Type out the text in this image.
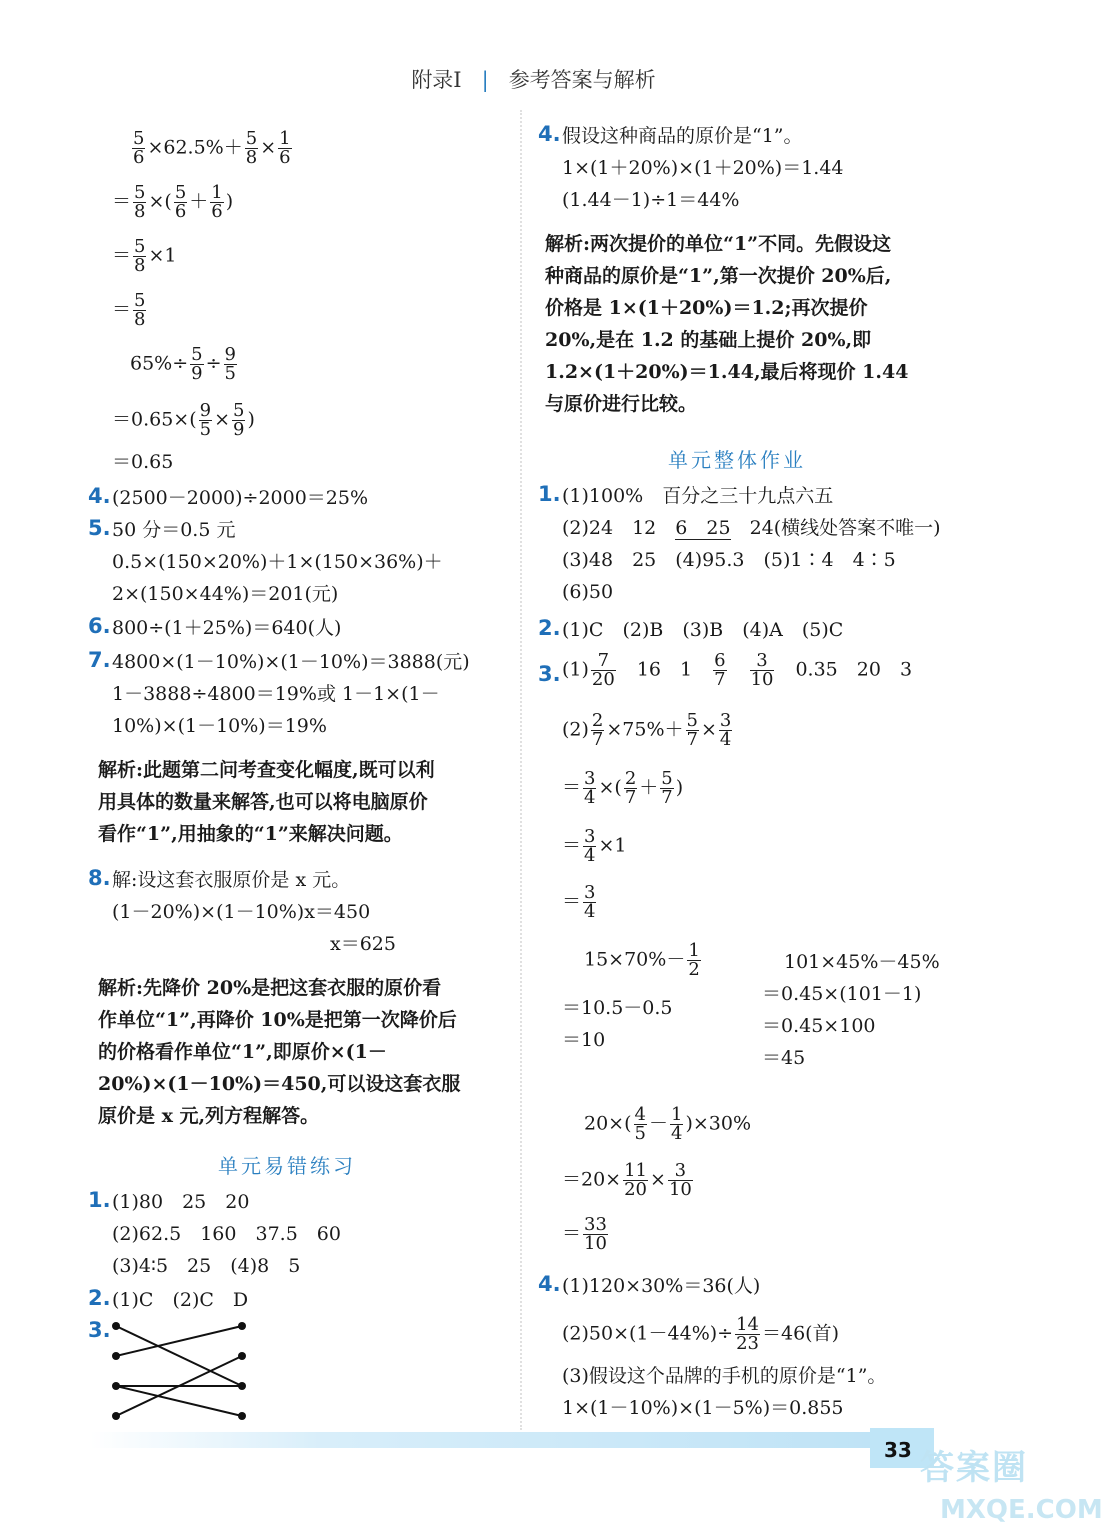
附录Ⅰ | 参考答案与解析
$\frac{5}{6} \times 62.5\%+ \frac{5}{8} \times \frac{1}{6}$
＝ $\frac{5}{8}$ ×( $\frac{5}{6} + \frac{1}{6}$ )
＝ $\frac{5}{8} \times 1$
＝ $\frac{5}{8}$
$65\%\div \frac{5}{9} \div \frac{9}{5}$
$=0.65\times( \frac{9}{5} \times \frac{5}{9}$ )
＝0.65
4. (2500－2000)÷2000＝25%
5. 50 分＝0.5 元
0.5×(150×20%)＋1×(150×36%)＋
2×(150×44%)＝201(元)
6. 800÷(1＋25%)＝640(人)
7. 4800×(1－10%)×(1－10%)＝3888(元)
1－3888÷4800＝19%或 1－1×(1－
10%)×(1－10%)＝19%
解析:此题第二问考查变化幅度,既可以利
用具体的数量来解答,也可以将电脑原价
看作“1”,用抽象的“1”来解决问题。
8. 解:设这套衣服原价是 x 元。
(1－20%)×(1－10%)x＝450
x＝625
解析:先降价 20%是把这套衣服的原价看
作单位“1”,再降价 10%是把第一次降价后
的价格看作单位“1”,即原价×(1－
20%)×(1－10%)＝450,可以设这套衣服
原价是 x 元,列方程解答。
单元易错练习
1. (1)80　25　20
(2)62.5　160　37.5　60
(3)4∶5　25　(4)8　5
2. (1)C　(2)C　D
3.
4. 假设这种商品的原价是“1”。
1×(1＋20%)×(1＋20%)＝1.44
(1.44－1)÷1＝44%
解析:两次提价的单位“1”不同。先假设这
种商品的原价是“1”,第一次提价 20%后,
价格是 1×(1＋20%)＝1.2;再次提价
20%,是在 1.2 的基础上提价 20%,即
1.2×(1＋20%)＝1.44,最后将现价 1.44
与原价进行比较。
单元整体作业
1. (1)100%　百分之三十九点六五
(2)24　12　6　 25　24(横线处答案不唯一)
(3)48　25　(4)95.3　(5)1∶4　4∶5
(6)50
2. (1)C　(2)B　(3)B　(4)A　(5)C
3. $(1) \frac{7}{20}$ 　16　1　 $\frac{6}{7}$
　 $\frac{3}{10}$ 　0.35　20　3
$(2) \frac{2}{7} \times 75\%+ \frac{5}{7} \times \frac{3}{4}$
＝ $\frac{3}{4}$ ×( $\frac{2}{7} + \frac{5}{7}$ )
＝ $\frac{3}{4} \times 1$
＝ $\frac{3}{4}$
$15\times 70\%- \frac{1}{2}$
＝10.5－0.5
＝10
101×45%－45%
＝0.45×(101－1)
＝0.45×100
＝45
$20\times( \frac{4}{5} - \frac{1}{4} )\times 30\%$
$=20\times \frac{11}{20} \times \frac{3}{10}$
＝ $\frac{33}{10}$
4. (1)120×30%＝36(人)
$(2)50\times(1-44\%)\div \frac{14}{23} =46$(首)
(3)假设这个品牌的手机的原价是“1”。
1×(1－10%)×(1－5%)＝0.855
33 答案圈
MXQE.COM
